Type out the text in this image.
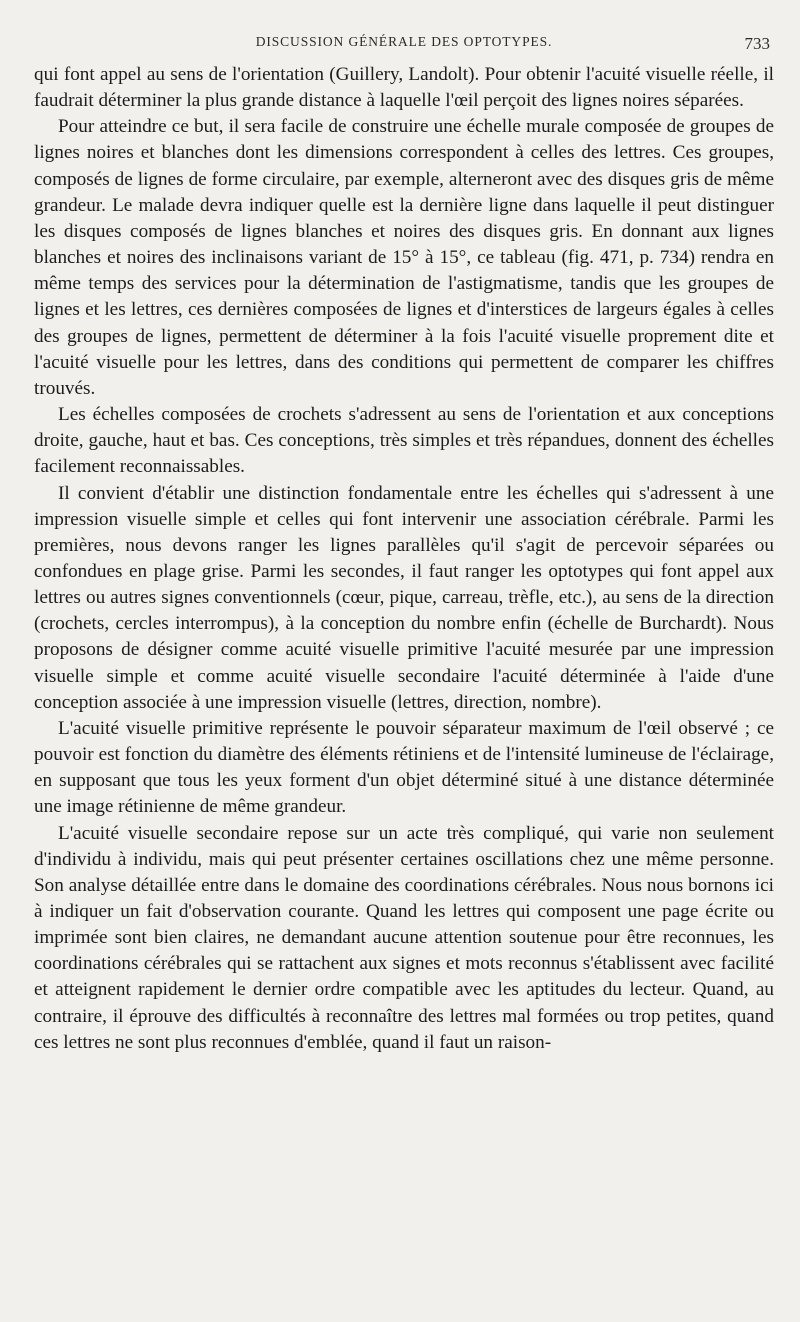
DISCUSSION GÉNÉRALE DES OPTOTYPES.	733

qui font appel au sens de l'orientation (Guillery, Landolt). Pour obtenir l'acuité visuelle réelle, il faudrait déterminer la plus grande distance à laquelle l'œil perçoit des lignes noires séparées.

Pour atteindre ce but, il sera facile de construire une échelle murale composée de groupes de lignes noires et blanches dont les dimensions correspondent à celles des lettres. Ces groupes, composés de lignes de forme circulaire, par exemple, alterneront avec des disques gris de même grandeur. Le malade devra indiquer quelle est la dernière ligne dans laquelle il peut distinguer les disques composés de lignes blanches et noires des disques gris. En donnant aux lignes blanches et noires des inclinaisons variant de 15° à 15°, ce tableau (fig. 471, p. 734) rendra en même temps des services pour la détermination de l'astigmatisme, tandis que les groupes de lignes et les lettres, ces dernières composées de lignes et d'interstices de largeurs égales à celles des groupes de lignes, permettent de déterminer à la fois l'acuité visuelle proprement dite et l'acuité visuelle pour les lettres, dans des conditions qui permettent de comparer les chiffres trouvés.

Les échelles composées de crochets s'adressent au sens de l'orientation et aux conceptions droite, gauche, haut et bas. Ces conceptions, très simples et très répandues, donnent des échelles facilement reconnaissables.

Il convient d'établir une distinction fondamentale entre les échelles qui s'adressent à une impression visuelle simple et celles qui font intervenir une association cérébrale. Parmi les premières, nous devons ranger les lignes parallèles qu'il s'agit de percevoir séparées ou confondues en plage grise. Parmi les secondes, il faut ranger les optotypes qui font appel aux lettres ou autres signes conventionnels (cœur, pique, carreau, trèfle, etc.), au sens de la direction (crochets, cercles interrompus), à la conception du nombre enfin (échelle de Burchardt). Nous proposons de désigner comme acuité visuelle primitive l'acuité mesurée par une impression visuelle simple et comme acuité visuelle secondaire l'acuité déterminée à l'aide d'une conception associée à une impression visuelle (lettres, direction, nombre).

L'acuité visuelle primitive représente le pouvoir séparateur maximum de l'œil observé ; ce pouvoir est fonction du diamètre des éléments rétiniens et de l'intensité lumineuse de l'éclairage, en supposant que tous les yeux forment d'un objet déterminé situé à une distance déterminée une image rétinienne de même grandeur.

L'acuité visuelle secondaire repose sur un acte très compliqué, qui varie non seulement d'individu à individu, mais qui peut présenter certaines oscillations chez une même personne. Son analyse détaillée entre dans le domaine des coordinations cérébrales. Nous nous bornons ici à indiquer un fait d'observation courante. Quand les lettres qui composent une page écrite ou imprimée sont bien claires, ne demandant aucune attention soutenue pour être reconnues, les coordinations cérébrales qui se rattachent aux signes et mots reconnus s'établissent avec facilité et atteignent rapidement le dernier ordre compatible avec les aptitudes du lecteur. Quand, au contraire, il éprouve des difficultés à reconnaître des lettres mal formées ou trop petites, quand ces lettres ne sont plus reconnues d'emblée, quand il faut un raison-
